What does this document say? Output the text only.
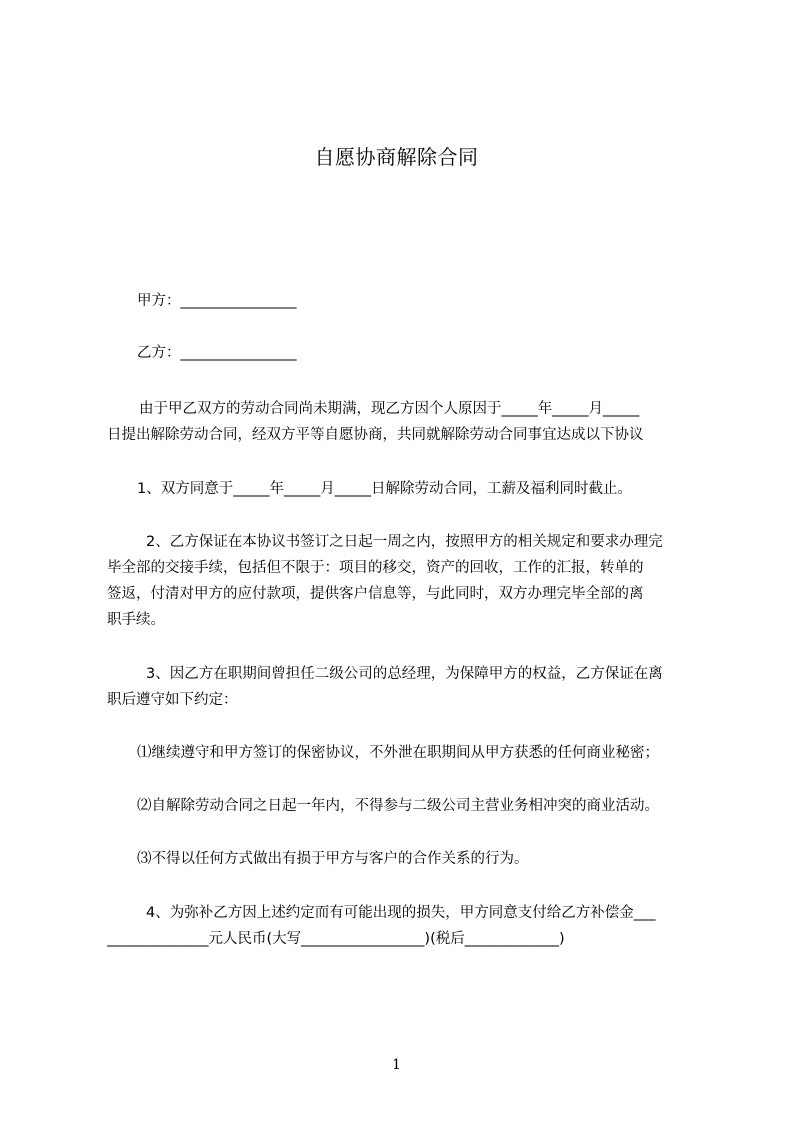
自愿协商解除合同
甲方：________________
乙方：________________
由于甲乙双方的劳动合同尚未期满，现乙方因个人原因于_____年_____月_____
日提出解除劳动合同，经双方平等自愿协商，共同就解除劳动合同事宜达成以下协议
1、双方同意于_____年_____月_____日解除劳动合同，工薪及福利同时截止。
2、乙方保证在本协议书签订之日起一周之内，按照甲方的相关规定和要求办理完
毕全部的交接手续，包括但不限于：项目的移交，资产的回收，工作的汇报，转单的
签返，付清对甲方的应付款项，提供客户信息等，与此同时，双方办理完毕全部的离
职手续。
3、因乙方在职期间曾担任二级公司的总经理，为保障甲方的权益，乙方保证在离
职后遵守如下约定：
⑴继续遵守和甲方签订的保密协议，不外泄在职期间从甲方获悉的任何商业秘密；
⑵自解除劳动合同之日起一年内，不得参与二级公司主营业务相冲突的商业活动。
⑶不得以任何方式做出有损于甲方与客户的合作关系的行为。
4、为弥补乙方因上述约定而有可能出现的损失，甲方同意支付给乙方补偿金___
______________元人民币(大写_________________)(税后_____________)
1
